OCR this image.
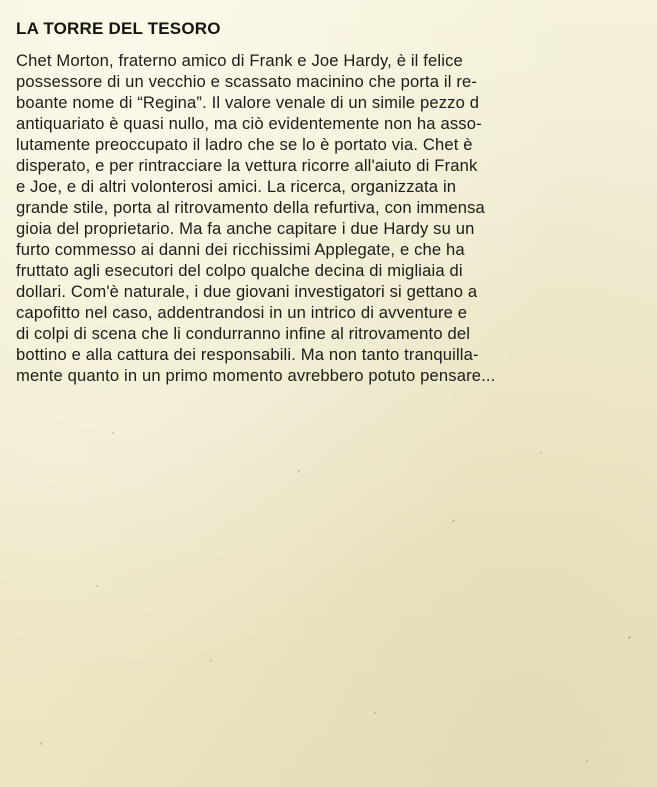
LA TORRE DEL TESORO
Chet Morton, fraterno amico di Frank e Joe Hardy, è il felice
possessore di un vecchio e scassato macinino che porta il re-
boante nome di “Regina”. Il valore venale di un simile pezzo d
antiquariato è quasi nullo, ma ciò evidentemente non ha asso-
lutamente preoccupato il ladro che se lo è portato via. Chet è
disperato, e per rintracciare la vettura ricorre all'aiuto di Frank
e Joe, e di altri volonterosi amici. La ricerca, organizzata in
grande stile, porta al ritrovamento della refurtiva, con immensa
gioia del proprietario. Ma fa anche capitare i due Hardy su un
furto commesso ai danni dei ricchissimi Applegate, e che ha
fruttato agli esecutori del colpo qualche decina di migliaia di
dollari. Com'è naturale, i due giovani investigatori si gettano a
capofitto nel caso, addentrandosi in un intrico di avventure e
di colpi di scena che li condurranno infine al ritrovamento del
bottino e alla cattura dei responsabili. Ma non tanto tranquilla-
mente quanto in un primo momento avrebbero potuto pensare...
